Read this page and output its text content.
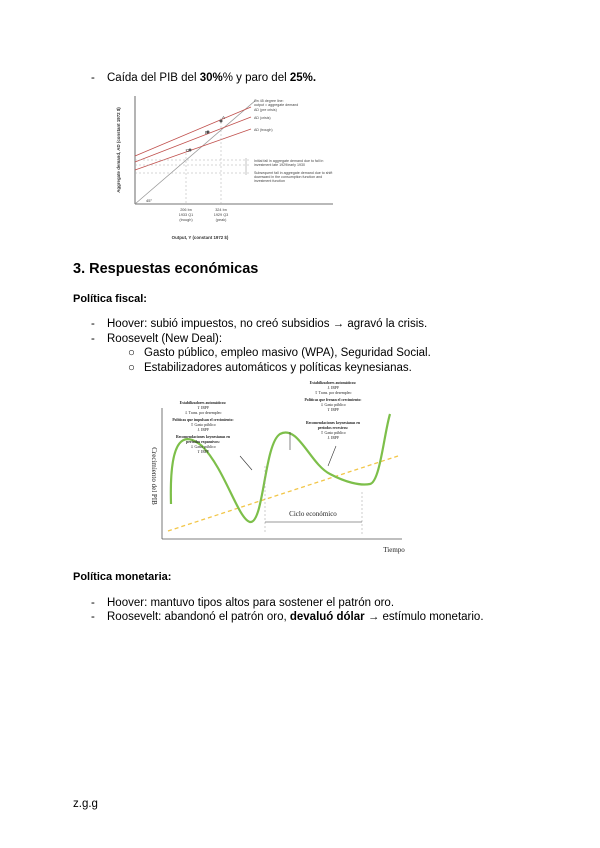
- Caída del PIB del 30%% y paro del 25%.
A
B
C
45°
On 45 degree line:
output = aggregate demand
AD (pre crisis)
AD (crisis)
AD (trough)
Initial fall in aggregate demand due to fall in
investment late 1929/early 1930
Subsequent fall in aggregate demand due to shift
downward in the consumption function and
investment function
206 bn
1933 Q1
(trough)
324 bn
1929 Q3
(peak)
Output, Y (constant 1972 $)
Aggregate demand, AD (constant 1972 $)
3. Respuestas económicas
Política fiscal:
- Hoover: subió impuestos, no creó subsidios → agravó la crisis.
- Roosevelt (New Deal):
○ Gasto público, empleo masivo (WPA), Seguridad Social.
○ Estabilizadores automáticos y políticas keynesianas.
Ciclo económico
Estabilizadores automáticos:
⇧ IRPF
⇩ Trans. por desempleo
Políticas que impulsan el crecimiento:
⇧ Gasto público
⇩ IRPF
Recomendaciones keynesianas en
períodos expansivos:
⇩ Gasto público
⇧ IRPF
Estabilizadores automáticos:
⇩ IRPF
⇧ Trans. por desempleo
Políticas que frenan el crecimiento:
⇩ Gasto público
⇧ IRPF
Recomendaciones keynesianas en
períodos recesivos:
⇧ Gasto público
⇩ IRPF
Crecimiento del PIB
Tiempo
Política monetaria:
- Hoover: mantuvo tipos altos para sostener el patrón oro.
- Roosevelt: abandonó el patrón oro, devaluó dólar → estímulo monetario.
z.g.g
